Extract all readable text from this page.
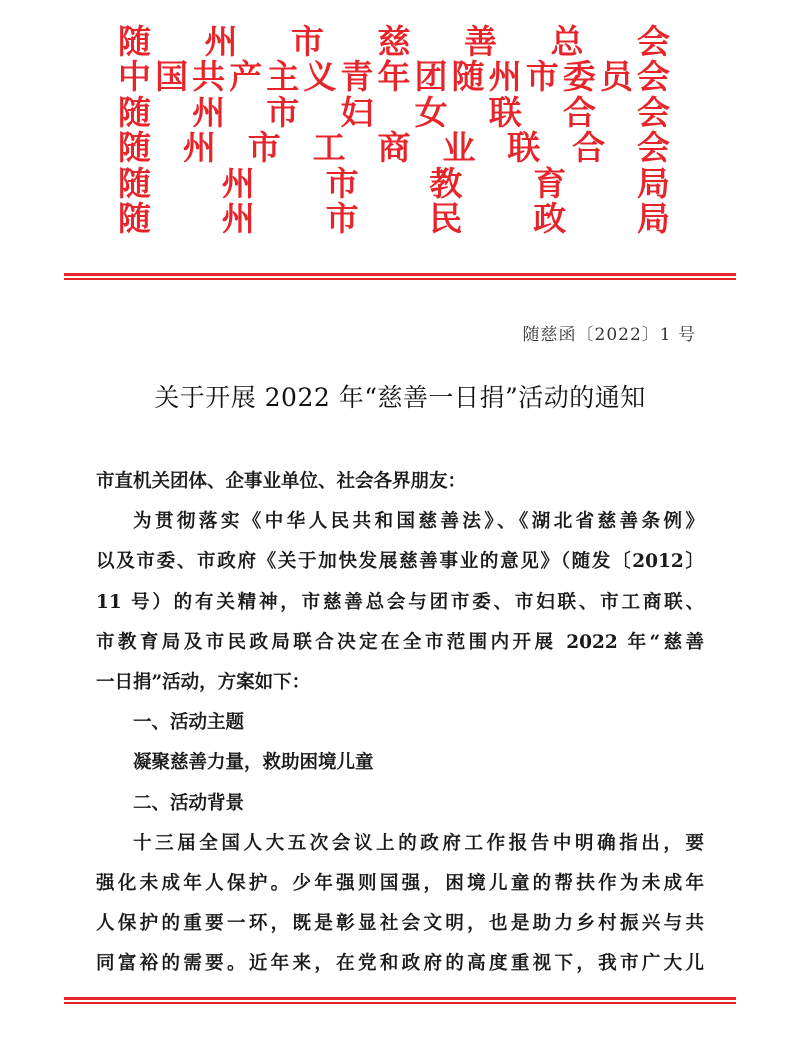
随 州 市 慈 善 总 会
中 国 共 产 主 义 青 年 团 随 州 市 委 员 会
随 州 市 妇 女 联 合 会
随 州 市 工 商 业 联 合 会
随 州 市 教 育 局
随 州 市 民 政 局
随慈函〔2022〕1 号
关于开展 2022 年“慈善一日捐”活动的通知
市直机关团体、企事业单位、社会各界朋友：
为贯彻落实《中华人民共和国慈善法》、《湖北省慈善条例》
以及市委、市政府《关于加快发展慈善事业的意见》（随发〔2012〕
11 号）的有关精神，市慈善总会与团市委、市妇联、市工商联、
市教育局及市民政局联合决定在全市范围内开展 2022 年“慈善
一日捐”活动，方案如下：
一、活动主题
凝聚慈善力量，救助困境儿童
二、活动背景
十三届全国人大五次会议上的政府工作报告中明确指出，要
强化未成年人保护。少年强则国强，困境儿童的帮扶作为未成年
人保护的重要一环，既是彰显社会文明，也是助力乡村振兴与共
同富裕的需要。近年来，在党和政府的高度重视下，我市广大儿
